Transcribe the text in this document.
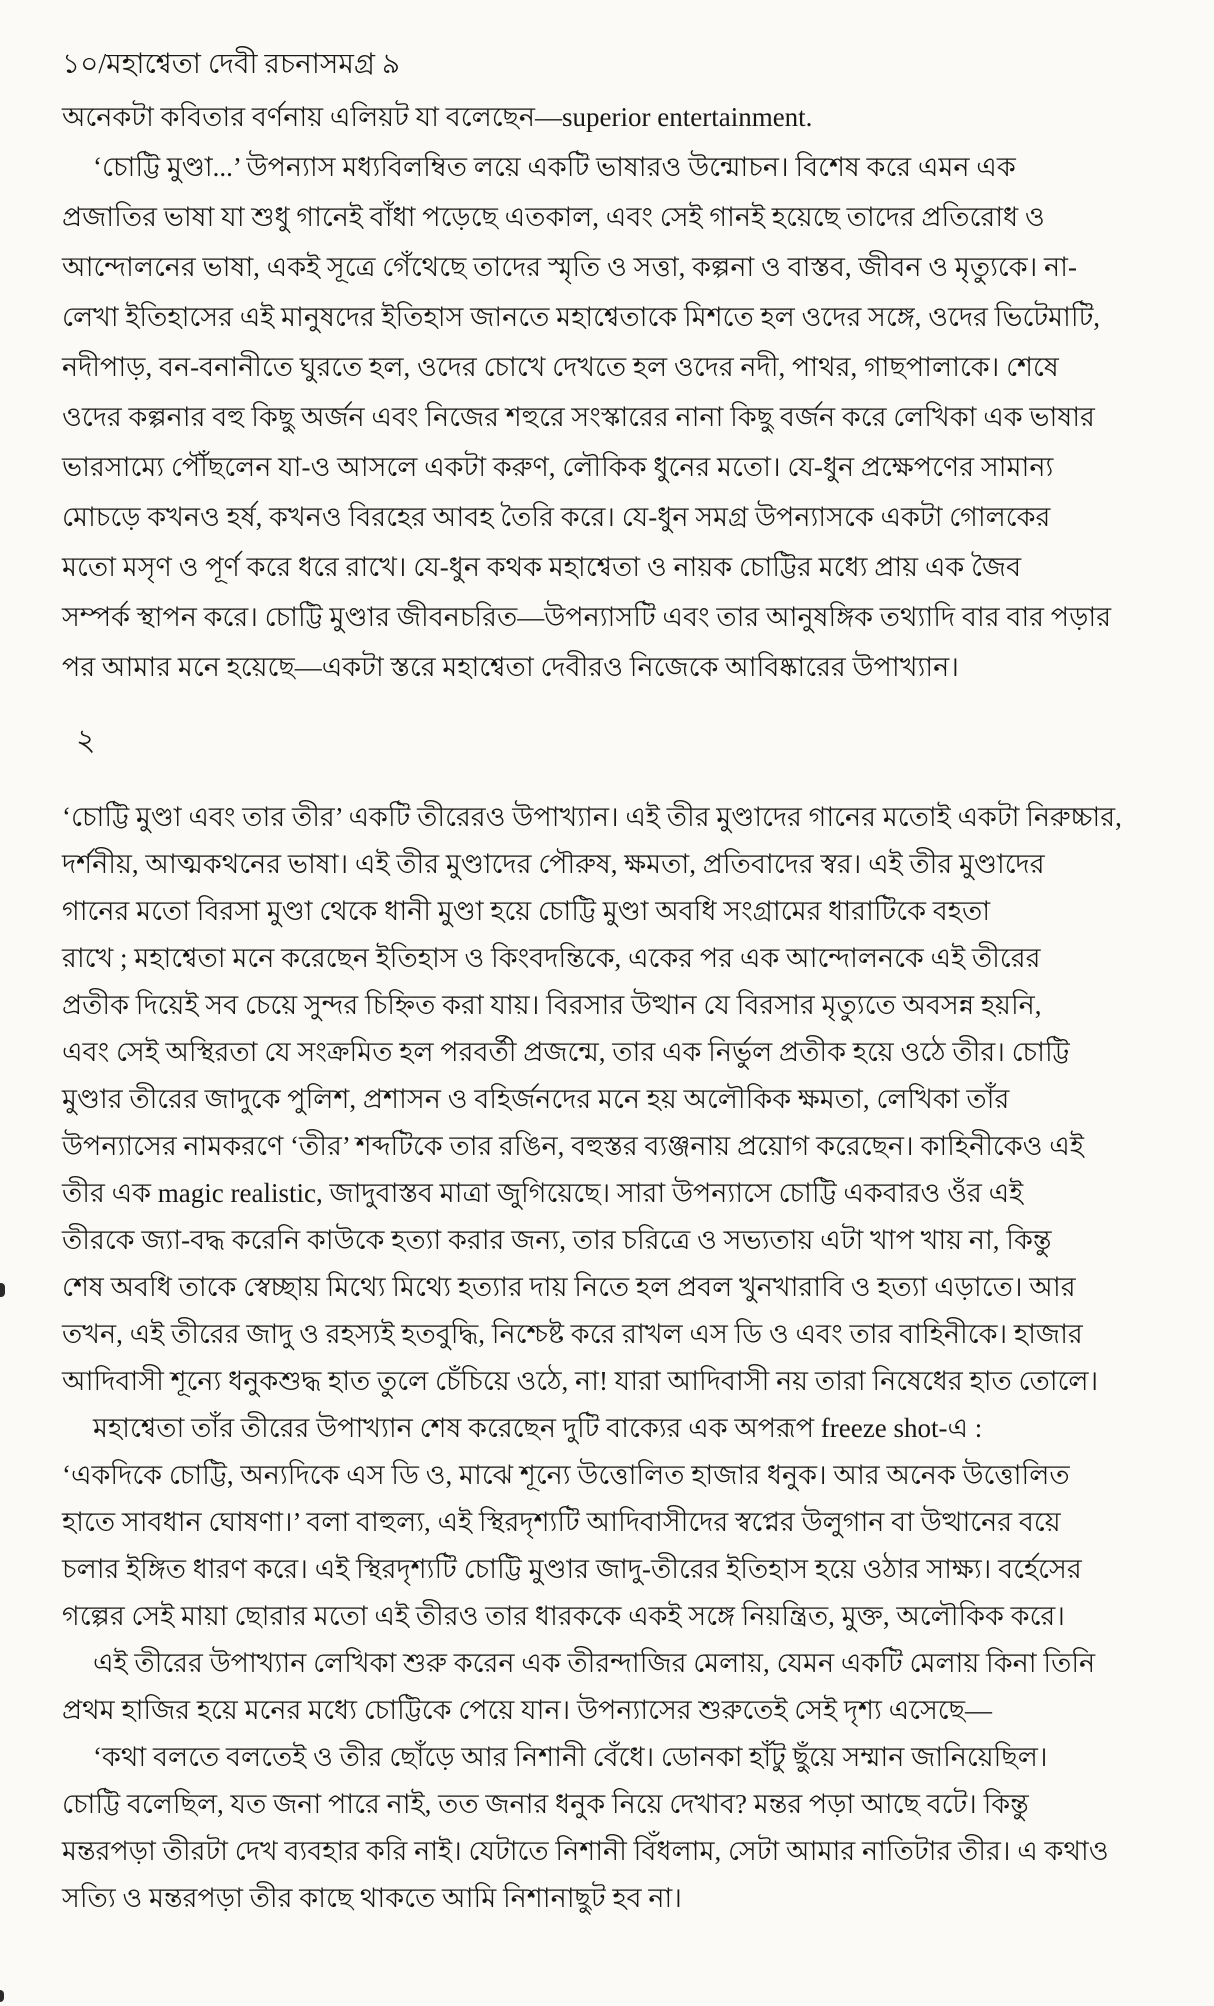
১০/মহাশ্বেতা দেবী রচনাসমগ্র ৯
অনেকটা কবিতার বর্ণনায় এলিয়ট যা বলেছেন—superior entertainment.
‘চোট্টি মুণ্ডা...’ উপন্যাস মধ্যবিলম্বিত লয়ে একটি ভাষারও উন্মোচন। বিশেষ করে এমন এক
প্রজাতির ভাষা যা শুধু গানেই বাঁধা পড়েছে এতকাল, এবং সেই গানই হয়েছে তাদের প্রতিরোধ ও
আন্দোলনের ভাষা, একই সূত্রে গেঁথেছে তাদের স্মৃতি ও সত্তা, কল্পনা ও বাস্তব, জীবন ও মৃত্যুকে। না-
লেখা ইতিহাসের এই মানুষদের ইতিহাস জানতে মহাশ্বেতাকে মিশতে হল ওদের সঙ্গে, ওদের ভিটেমাটি,
নদীপাড়, বন-বনানীতে ঘুরতে হল, ওদের চোখে দেখতে হল ওদের নদী, পাথর, গাছপালাকে। শেষে
ওদের কল্পনার বহু কিছু অর্জন এবং নিজের শহুরে সংস্কারের নানা কিছু বর্জন করে লেখিকা এক ভাষার
ভারসাম্যে পৌঁছলেন যা-ও আসলে একটা করুণ, লৌকিক ধুনের মতো। যে-ধুন প্রক্ষেপণের সামান্য
মোচড়ে কখনও হর্ষ, কখনও বিরহের আবহ তৈরি করে। যে-ধুন সমগ্র উপন্যাসকে একটা গোলকের
মতো মসৃণ ও পূর্ণ করে ধরে রাখে। যে-ধুন কথক মহাশ্বেতা ও নায়ক চোট্টির মধ্যে প্রায় এক জৈব
সম্পর্ক স্থাপন করে। চোট্টি মুণ্ডার জীবনচরিত—উপন্যাসটি এবং তার আনুষঙ্গিক তথ্যাদি বার বার পড়ার
পর আমার মনে হয়েছে—একটা স্তরে মহাশ্বেতা দেবীরও নিজেকে আবিষ্কারের উপাখ্যান।
২
‘চোট্টি মুণ্ডা এবং তার তীর’ একটি তীরেরও উপাখ্যান। এই তীর মুণ্ডাদের গানের মতোই একটা নিরুচ্চার,
দর্শনীয়, আত্মকথনের ভাষা। এই তীর মুণ্ডাদের পৌরুষ, ক্ষমতা, প্রতিবাদের স্বর। এই তীর মুণ্ডাদের
গানের মতো বিরসা মুণ্ডা থেকে ধানী মুণ্ডা হয়ে চোট্টি মুণ্ডা অবধি সংগ্রামের ধারাটিকে বহতা
রাখে ; মহাশ্বেতা মনে করেছেন ইতিহাস ও কিংবদন্তিকে, একের পর এক আন্দোলনকে এই তীরের
প্রতীক দিয়েই সব চেয়ে সুন্দর চিহ্নিত করা যায়। বিরসার উত্থান যে বিরসার মৃত্যুতে অবসন্ন হয়নি,
এবং সেই অস্থিরতা যে সংক্রমিত হল পরবর্তী প্রজন্মে, তার এক নির্ভুল প্রতীক হয়ে ওঠে তীর। চোট্টি
মুণ্ডার তীরের জাদুকে পুলিশ, প্রশাসন ও বহির্জনদের মনে হয় অলৌকিক ক্ষমতা, লেখিকা তাঁর
উপন্যাসের নামকরণে ‘তীর’ শব্দটিকে তার রঙিন, বহুস্তর ব্যঞ্জনায় প্রয়োগ করেছেন। কাহিনীকেও এই
তীর এক magic realistic, জাদুবাস্তব মাত্রা জুগিয়েছে। সারা উপন্যাসে চোট্টি একবারও ওঁর এই
তীরকে জ্যা-বদ্ধ করেনি কাউকে হত্যা করার জন্য, তার চরিত্রে ও সভ্যতায় এটা খাপ খায় না, কিন্তু
শেষ অবধি তাকে স্বেচ্ছায় মিথ্যে মিথ্যে হত্যার দায় নিতে হল প্রবল খুনখারাবি ও হত্যা এড়াতে। আর
তখন, এই তীরের জাদু ও রহস্যই হতবুদ্ধি, নিশ্চেষ্ট করে রাখল এস ডি ও এবং তার বাহিনীকে। হাজার
আদিবাসী শূন্যে ধনুকশুদ্ধ হাত তুলে চেঁচিয়ে ওঠে, না! যারা আদিবাসী নয় তারা নিষেধের হাত তোলে।
মহাশ্বেতা তাঁর তীরের উপাখ্যান শেষ করেছেন দুটি বাক্যের এক অপরূপ freeze shot-এ :
‘একদিকে চোট্টি, অন্যদিকে এস ডি ও, মাঝে শূন্যে উত্তোলিত হাজার ধনুক। আর অনেক উত্তোলিত
হাতে সাবধান ঘোষণা।’ বলা বাহুল্য, এই স্থিরদৃশ্যটি আদিবাসীদের স্বপ্নের উলুগান বা উত্থানের বয়ে
চলার ইঙ্গিত ধারণ করে। এই স্থিরদৃশ্যটি চোট্টি মুণ্ডার জাদু-তীরের ইতিহাস হয়ে ওঠার সাক্ষ্য। বর্হেসের
গল্পের সেই মায়া ছোরার মতো এই তীরও তার ধারককে একই সঙ্গে নিয়ন্ত্রিত, মুক্ত, অলৌকিক করে।
এই তীরের উপাখ্যান লেখিকা শুরু করেন এক তীরন্দাজির মেলায়, যেমন একটি মেলায় কিনা তিনি
প্রথম হাজির হয়ে মনের মধ্যে চোট্টিকে পেয়ে যান। উপন্যাসের শুরুতেই সেই দৃশ্য এসেছে—
‘কথা বলতে বলতেই ও তীর ছোঁড়ে আর নিশানী বেঁধে। ডোনকা হাঁটু ছুঁয়ে সম্মান জানিয়েছিল।
চোট্টি বলেছিল, যত জনা পারে নাই, তত জনার ধনুক নিয়ে দেখাব? মন্তর পড়া আছে বটে। কিন্তু
মন্তরপড়া তীরটা দেখ ব্যবহার করি নাই। যেটাতে নিশানী বিঁধলাম, সেটা আমার নাতিটার তীর। এ কথাও
সত্যি ও মন্তরপড়া তীর কাছে থাকতে আমি নিশানাছুট হব না।
